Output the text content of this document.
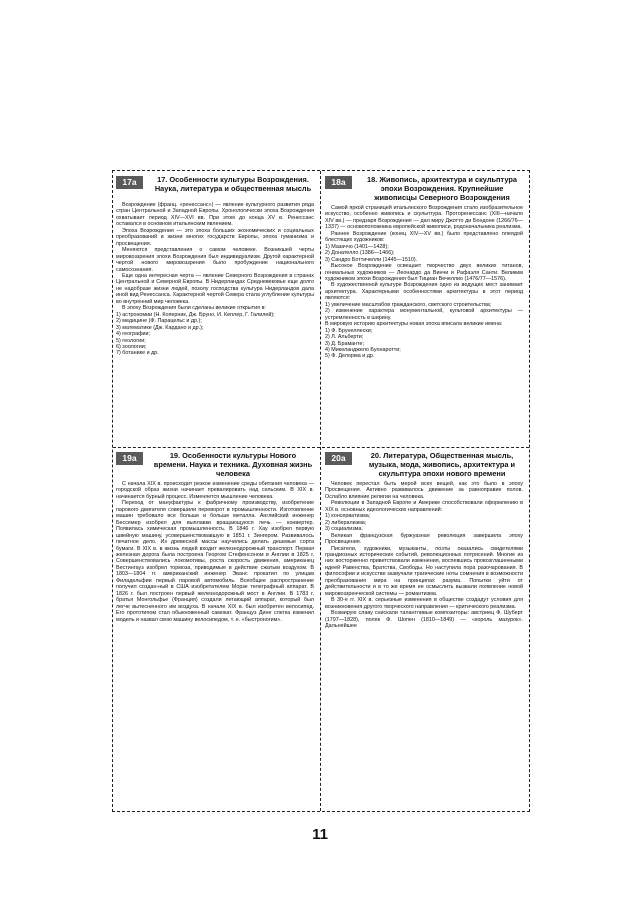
17a	17. Особенности культуры Возрождения. Наука, литература и общественная мысль

Возрождение (франц. «ренессанс») — явление культурного развития ряда стран Центральной и Западной Европы. Хронологически эпоха Возрождения охватывает период XIV—XVI вв. При этом до конца XV в. Ренессанс оставался в основном итальянским явлением.

Эпоха Возрождения — это эпоха больших экономических и социальных преобразований в жизни многих государств Европы, эпоха гуманизма и просвещения.

Меняются представления о самом человеке. Возникшей черты мировоззрения эпохи Возрождения был индивидуализм. Другой характерной чертой нового мировоззрения было пробуждение национального самосознания.

Еще одна интересная черта — явление Северного Возрождения в странах Центральной и Северной Европы. В Нидерландах Средневековье еще долго не надобразе жизни людей, позолу господства культура Нидерландов дала иной вид Ренессанса. Характерной чертой Севера стала углубление культуры во внутренний мир человека.

В эпоху Возрождения были сделаны великие открытия в:

1) астрономии (Н. Коперник, Дж. Бруно, И. Кеплер, Г. Галилей);
2) медицине (Ф. Парацельс и др.);
3) математике (Дж. Кардано и др.);
4) географии;
5) геологии;
6) зоологии;
7) ботанике и др.
18a	18. Живопись, архитектура и скульптура эпохи Возрождения. Крупнейшие живописцы Северного Возрождения

Самой яркой страницей итальянского Возрождения стало изобразительное искусство, особенно живопись и скульптура. Проторенессанс (XIII—начало XIV вв.) — предзаря Возрождения — дал миру Джотто ди Бондоне (1266/76—1337) — основоположника европейской живописи, родоначальника реализма.

Раннее Возрождение (конец XIV—XV вв.) было представлено плеядой блестящих художников:

1) Мазаччо (1401—1428);
2) Донателло (1386—1466);
3) Сандро Боттичелли (1445—1510).

Высокое Возрождение освещает творчество двух великих титанов, гениальных художников — Леонардо да Винчи и Рафаэля Санти. Великим художником эпохи Возрождения был Тициан Вечеллио (1476/77—1576).

В художественной культуре Возрождения одно из ведущих мест занимает архитектура. Характерными особенностями архитектуры в этот период являются:

1) увеличение масштабов гражданского, светского строительства;
2) изменение характера монументальной, культовой архитектуры — устремленность в ширину.
В мировую историю архитектуры новая эпоха вписала великие имена:
1) Ф. Брунеллески;
2) Л. Альберти;
3) Д. Браманте;
4) Микеланджело Буонаротти;
5) Ф. Делорма и др.
19a	19. Особенности культуры Нового времени. Наука и техника. Духовная жизнь человека

С начала XIX в. происходит резкое изменение среды обитания человека — городской образ жизни начинает превалировать над сельским. В XIX в. начинается бурный процесс. Изменяется мышление человека.

Переход от мануфактуры к фабричному производству, изобретение парового двигателя совершили переворот в промышленности. Изготовление машин требовало все больше и больше металла. Английский инженер Бессемер изобрел для выплавки вращающуюся печь — конвертер. Появилась химическая промышленность. В 1846 г. Хау изобрел первую швейную машину, усовершенствовавшую в 1851 г. Зингером. Развивалось печатное дело. Из древесной массы научились делать дешевые сорта бумаги. В XIX в. в жизнь людей входит железнодорожный транспорт. Первая железная дорога была построена Георгом Стефенсоном в Англии в 1825 г. Совершенствовались локомотивы, роста скорость движения, американец Вестингауз изобрел тормоза, приводимые в действие сжатым воздухом. В 1803—1804 гг. американский инженер Эванс прокатил по улицам Филадельфии первый паровой автомобиль. Всеобщее распространение получил создан-ный в США изобретателем Морзе телеграфный аппарат. В 1826 г. был построен первый железнодорожный мост в Англии. В 1783 г. братья Монгольфье (Франция) создали летающий аппарат, который был легче вытесненного им воздуха. В начале XIX в. был изобретен велосипед. Его прототипом стал обыкновенный самокат. Француз Дине слегка изменил модель и назвал свою машину велосипедом, т. е. «быстроногим».

20a	20. Литература, Общественная мысль, музыка, мода, живопись, архитектура и скульптура эпохи нового времени

Человек перестал быть мерой всех вещей, как это было в эпоху Просвещения. Активно развивалось движение за равноправие полов. Ослабло влияние религии на человека.

Революции в Западной Европе и Америке способствовали оформлению в XIX в. основных идеологических направлений:

1) консерватизма;
2) либерализма;
3) социализма.

Великая французская буржуазная революция завершила эпоху Просвещения.

Писатели, художники, музыканты, поэты оказались свидетелями грандиозных исторических событий, революционных потрясений. Многие из них восторженно приветствовали изменения, воспевшись провозглашенными идеей Равенства, Братства, Свободы. Но наступила пора разочарования. В философии и искусстве зазвучали трагические ноты сомнения в возможности преобразования мира на принципах разума. Попытки уйти от действительности и в то же время ее осмыслить вызвали появление новой мировоззренческой системы — романтизма.

В 30-е гг. XIX в. серьезные изменения в обществе создадут условия для возникновения другого творческого направления — критического реализма.

Возмирую славу снискали талантливые композиторы: австриец Ф. Шуберт (1797—1828), поляк Ф. Шопен (1810—1849) — «король мазурок». Дальнейшее

11
